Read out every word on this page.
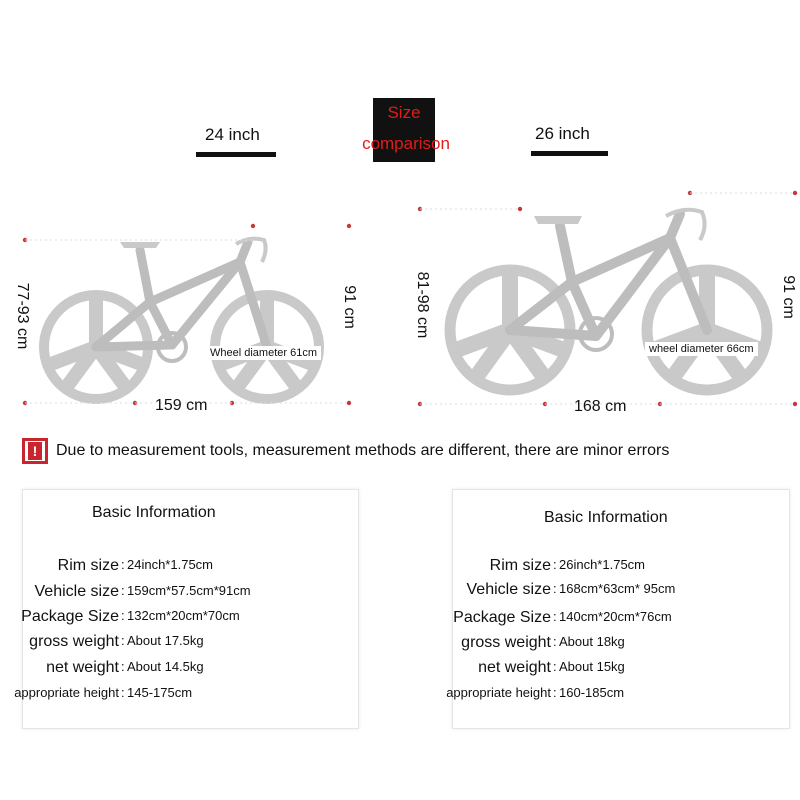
Size
comparison
24 inch	26 inch
159 cm	168 cm
77-93 cm	91 cm	81-98 cm	91 cm
Wheel diameter 61cm	wheel diameter 66cm
! Due to measurement tools, measurement methods are different, there are minor errors
Basic Information
Rim size : 24inch*1.75cm
Vehicle size : 159cm*57.5cm*91cm
Package Size : 132cm*20cm*70cm
gross weight : About 17.5kg
net weight : About 14.5kg
appropriate height : 145-175cm
Basic Information
Rim size : 26inch*1.75cm
Vehicle size : 168cm*63cm* 95cm
Package Size : 140cm*20cm*76cm
gross weight : About 18kg
net weight : About 15kg
appropriate height : 160-185cm
